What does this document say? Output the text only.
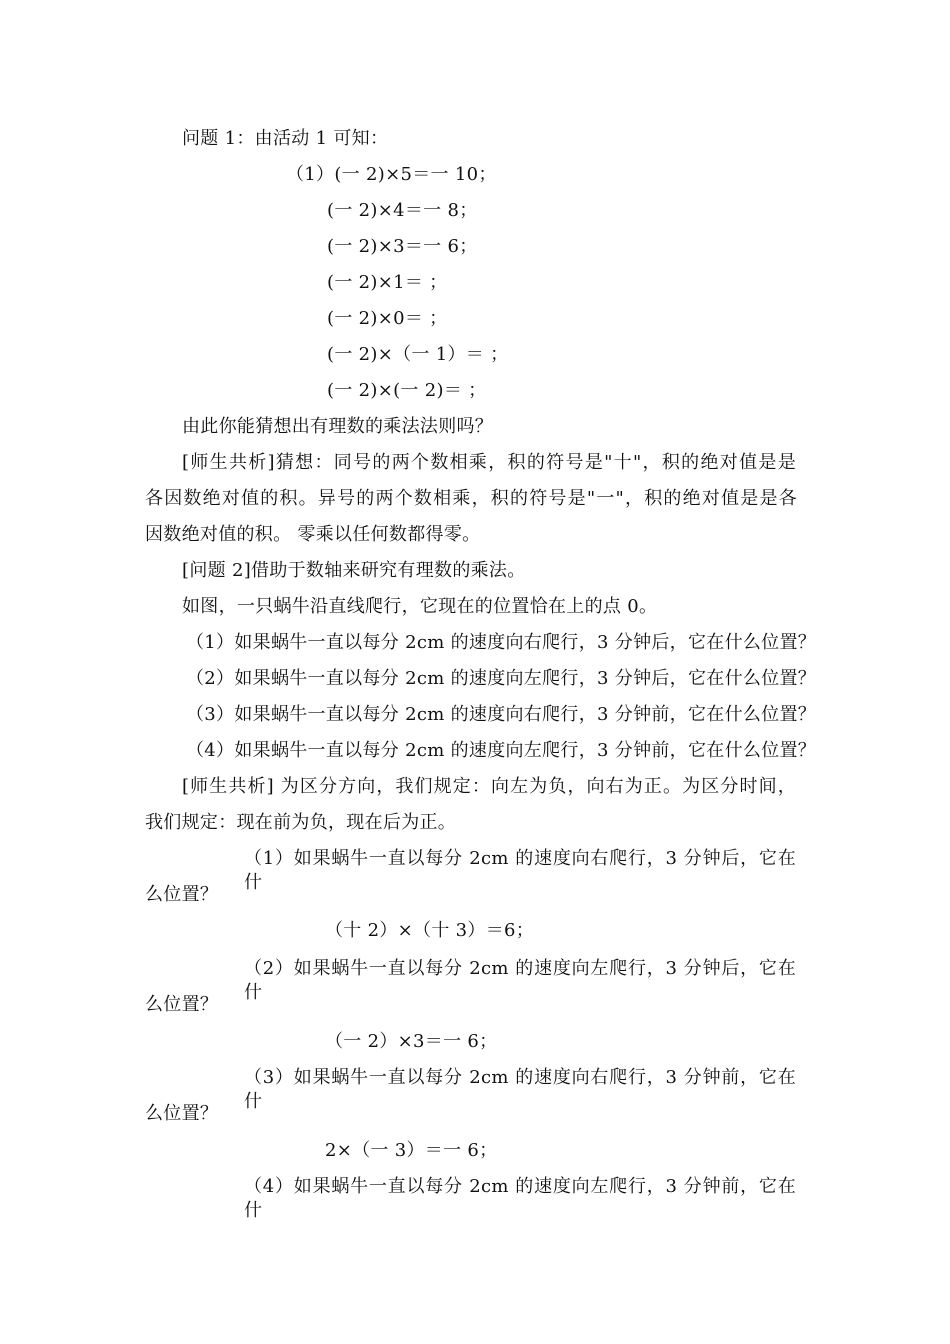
问题 1：由活动 1 可知：
（1）(一 2)×5＝一 10；
(一 2)×4＝一 8；
(一 2)×3＝一 6；
(一 2)×1＝ ；
(一 2)×0＝ ；
(一 2)×（一 1）＝ ；
(一 2)×(一 2)＝ ；
由此你能猜想出有理数的乘法法则吗？
[师生共析]猜想：同号的两个数相乘，积的符号是"十"，积的绝对值是是
各因数绝对值的积。异号的两个数相乘，积的符号是"一"，积的绝对值是是各
因数绝对值的积。 零乘以任何数都得零。
[问题 2]借助于数轴来研究有理数的乘法。
如图，一只蜗牛沿直线爬行，它现在的位置恰在上的点 0。
（1）如果蜗牛一直以每分 2cm 的速度向右爬行，3 分钟后，它在什么位置？
（2）如果蜗牛一直以每分 2cm 的速度向左爬行，3 分钟后，它在什么位置？
（3）如果蜗牛一直以每分 2cm 的速度向右爬行，3 分钟前，它在什么位置？
（4）如果蜗牛一直以每分 2cm 的速度向左爬行，3 分钟前，它在什么位置？
[师生共析] 为区分方向，我们规定：向左为负，向右为正。为区分时间，
我们规定：现在前为负，现在后为正。
（1）如果蜗牛一直以每分 2cm 的速度向右爬行，3 分钟后，它在什
么位置？
（十 2）×（十 3）＝6；
（2）如果蜗牛一直以每分 2cm 的速度向左爬行，3 分钟后，它在什
么位置？
（一 2）×3＝一 6；
（3）如果蜗牛一直以每分 2cm 的速度向右爬行，3 分钟前，它在什
么位置？
2×（一 3）＝一 6；
（4）如果蜗牛一直以每分 2cm 的速度向左爬行，3 分钟前，它在什
